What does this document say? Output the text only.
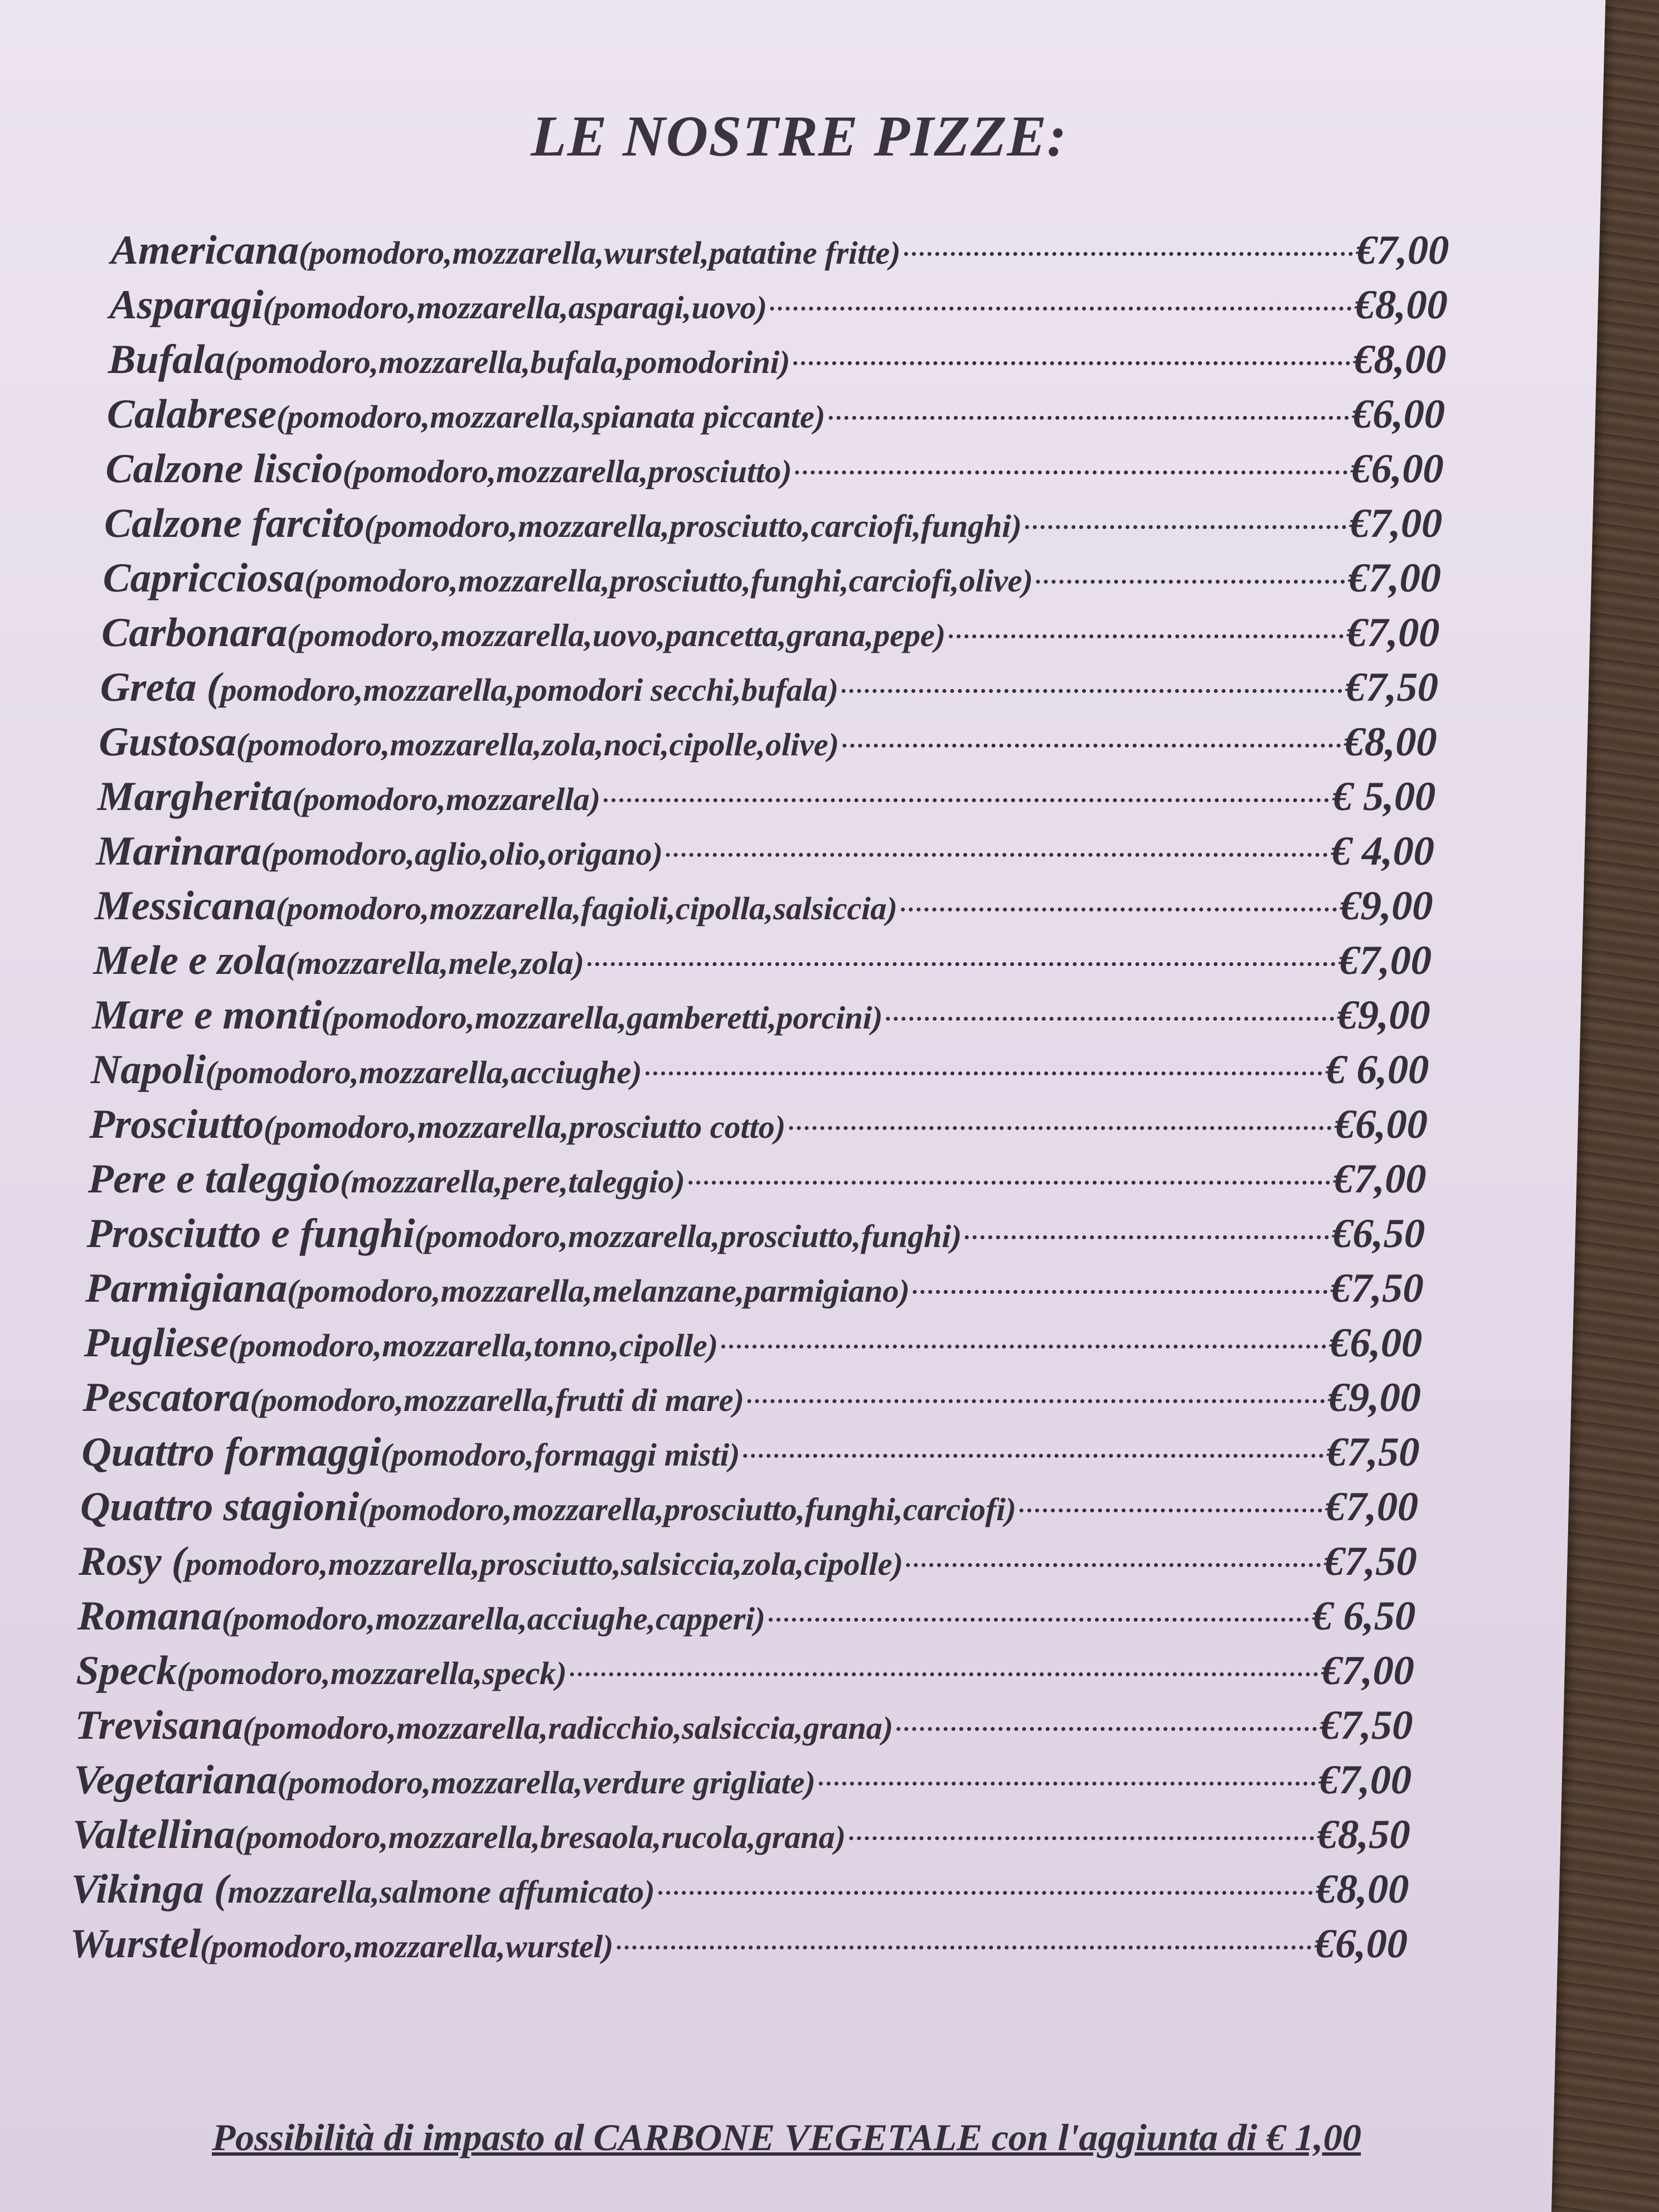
LE NOSTRE PIZZE:
Americana
(pomodoro,mozzarella,wurstel,patatine fritte)	€7,00
Asparagi
(pomodoro,mozzarella,asparagi,uovo)	€8,00
Bufala
(pomodoro,mozzarella,bufala,pomodorini)	€8,00
Calabrese
(pomodoro,mozzarella,spianata piccante)	€6,00
Calzone liscio
(pomodoro,mozzarella,prosciutto)	€6,00
Calzone farcito
(pomodoro,mozzarella,prosciutto,carciofi,funghi)	€7,00
Capricciosa
(pomodoro,mozzarella,prosciutto,funghi,carciofi,olive)	€7,00
Carbonara
(pomodoro,mozzarella,uovo,pancetta,grana,pepe)	€7,00
Greta (
pomodoro,mozzarella,pomodori secchi,bufala)	€7,50
Gustosa
(pomodoro,mozzarella,zola,noci,cipolle,olive)	€8,00
Margherita
(pomodoro,mozzarella)	€ 5,00
Marinara
(pomodoro,aglio,olio,origano)	€ 4,00
Messicana
(pomodoro,mozzarella,fagioli,cipolla,salsiccia)	€9,00
Mele e zola
(mozzarella,mele,zola)	€7,00
Mare e monti
(pomodoro,mozzarella,gamberetti,porcini)	€9,00
Napoli
(pomodoro,mozzarella,acciughe)	€ 6,00
Prosciutto
(pomodoro,mozzarella,prosciutto cotto)	€6,00
Pere e taleggio
(mozzarella,pere,taleggio)	€7,00
Prosciutto e funghi
(pomodoro,mozzarella,prosciutto,funghi)	€6,50
Parmigiana
(pomodoro,mozzarella,melanzane,parmigiano)	€7,50
Pugliese
(pomodoro,mozzarella,tonno,cipolle)	€6,00
Pescatora
(pomodoro,mozzarella,frutti di mare)	€9,00
Quattro formaggi
(pomodoro,formaggi misti)	€7,50
Quattro stagioni
(pomodoro,mozzarella,prosciutto,funghi,carciofi)	€7,00
Rosy (
pomodoro,mozzarella,prosciutto,salsiccia,zola,cipolle)	€7,50
Romana
(pomodoro,mozzarella,acciughe,capperi)	€ 6,50
Speck
(pomodoro,mozzarella,speck)	€7,00
Trevisana
(pomodoro,mozzarella,radicchio,salsiccia,grana)	€7,50
Vegetariana
(pomodoro,mozzarella,verdure grigliate)	€7,00
Valtellina
(pomodoro,mozzarella,bresaola,rucola,grana)	€8,50
Vikinga (
mozzarella,salmone affumicato)	€8,00
Wurstel
(pomodoro,mozzarella,wurstel)	€6,00
Possibilità di impasto al CARBONE VEGETALE con l'aggiunta di € 1,00
